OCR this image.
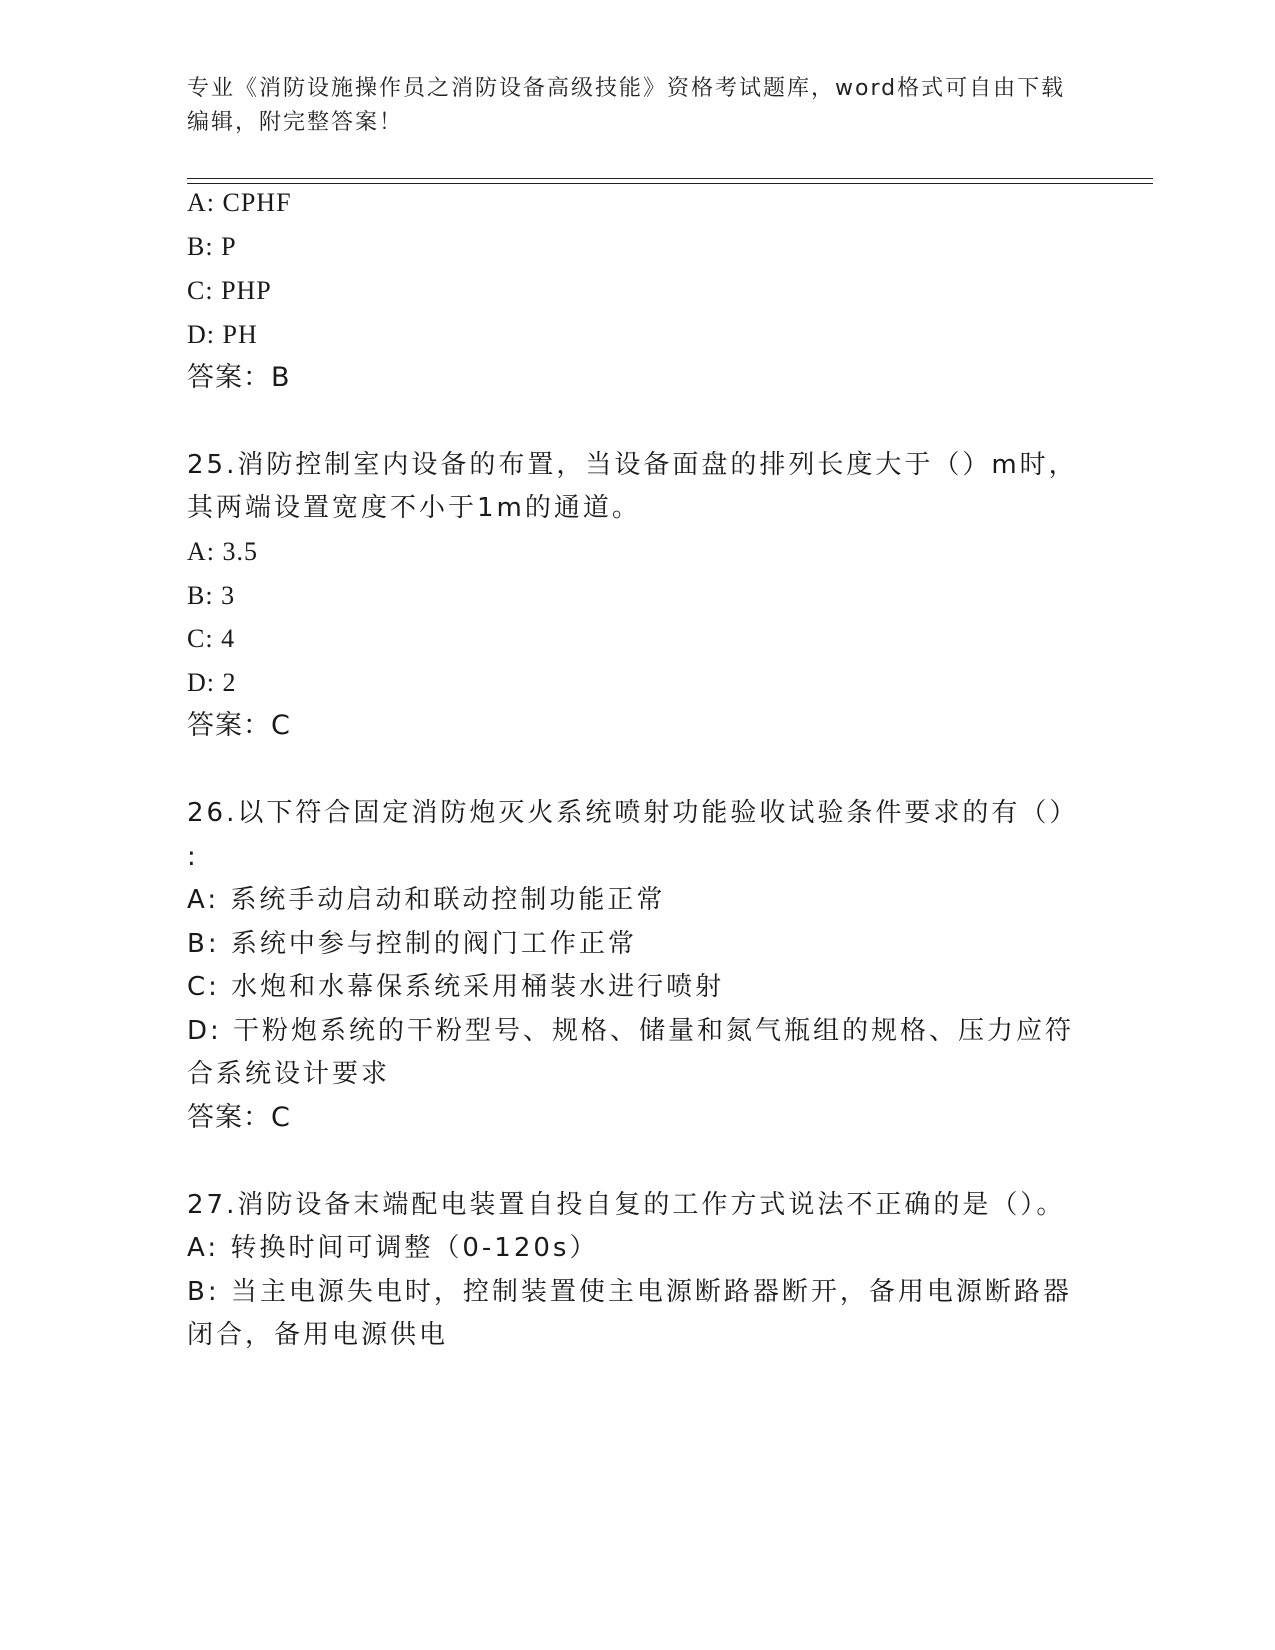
专业《消防设施操作员之消防设备高级技能》资格考试题库，word格式可自由下载编辑，附完整答案！
A: CPHF
B: P
C: PHP
D: PH
答案：B
25.消防控制室内设备的布置，当设备面盘的排列长度大于（）m时，
其两端设置宽度不小于1m的通道。
A: 3.5
B: 3
C: 4
D: 2
答案：C
26.以下符合固定消防炮灭火系统喷射功能验收试验条件要求的有（）
:
A: 系统手动启动和联动控制功能正常
B: 系统中参与控制的阀门工作正常
C: 水炮和水幕保系统采用桶装水进行喷射
D: 干粉炮系统的干粉型号、规格、储量和氮气瓶组的规格、压力应符
合系统设计要求
答案：C
27.消防设备末端配电装置自投自复的工作方式说法不正确的是（）。
A: 转换时间可调整（0-120s）
B: 当主电源失电时，控制装置使主电源断路器断开，备用电源断路器
闭合，备用电源供电
